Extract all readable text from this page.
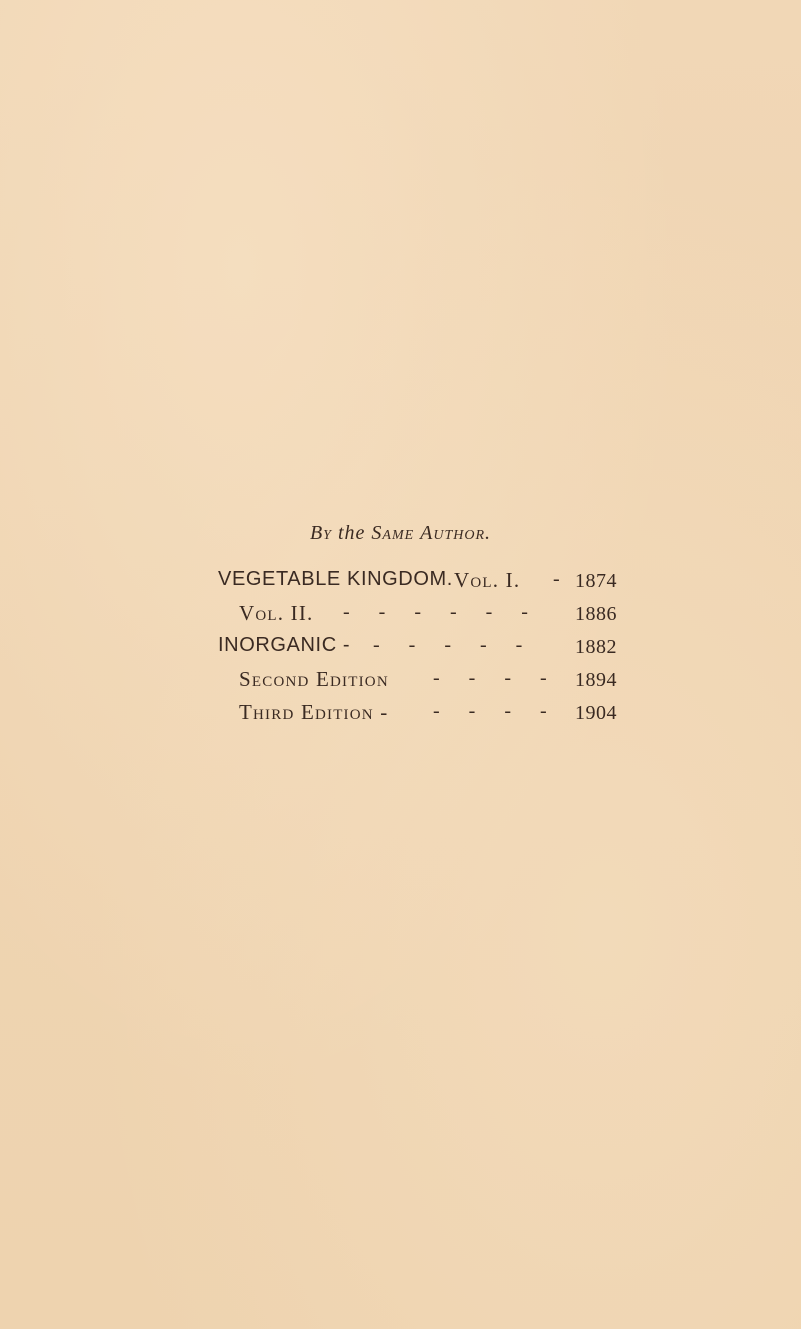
By the Same Author.

VEGETABLE KINGDOM. Vol. I. - 1874
Vol. II. - - - - - - 1886
INORGANIC - - - - - - 1882
Second Edition - - - - 1894
Third Edition - - - - - 1904
